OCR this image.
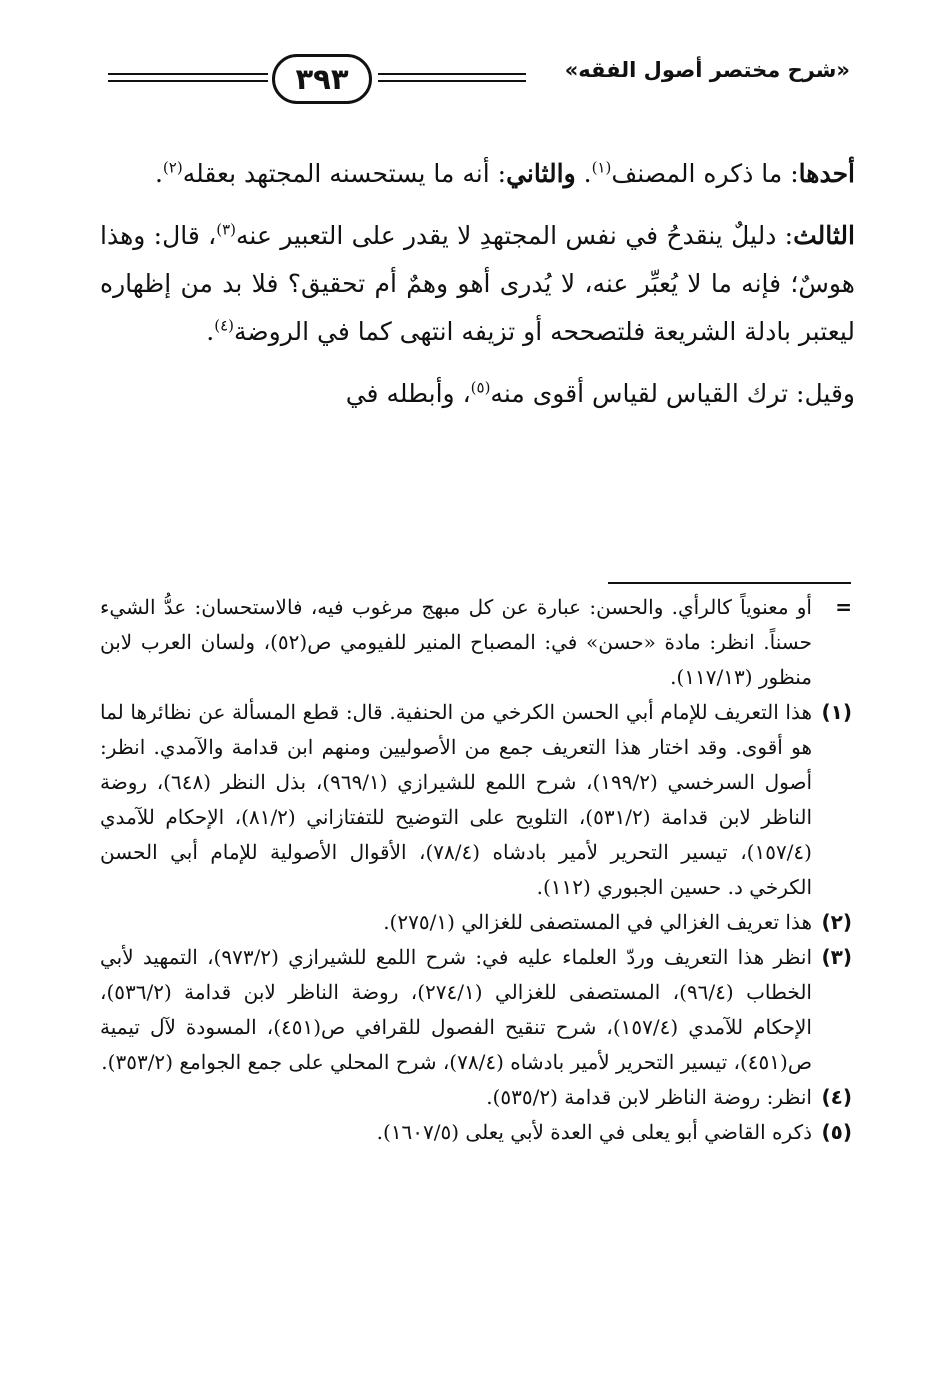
٣٩٣	«شرح مختصر أصول الفقه»

أحدها: ما ذكره المصنف$^{(١)}$. والثاني: أنه ما يستحسنه المجتهد بعقله$^{(٢)}$.

الثالث: دليلٌ ينقدحُ في نفس المجتهدِ لا يقدر على التعبير عنه$^{(٣)}$، قال: وهذا هوسٌ؛ فإنه ما لا يُعبِّر عنه، لا يُدرى أهو وهمٌ أم تحقيق؟ فلا بد من إظهاره ليعتبر بادلة الشريعة فلتصححه أو تزيفه انتهى كما في الروضة$^{(٤)}$.

وقيل: ترك القياس لقياس أقوى منه$^{(٥)}$، وأبطله في

=
أو معنوياً كالرأي. والحسن: عبارة عن كل مبهج مرغوب فيه، فالاستحسان: عدُّ الشيء حسناً. انظر: مادة «حسن» في: المصباح المنير للفيومي ص(٥٢)، ولسان العرب لابن منظور (١١٧/١٣).

(١)
هذا التعريف للإمام أبي الحسن الكرخي من الحنفية. قال: قطع المسألة عن نظائرها لما هو أقوى. وقد اختار هذا التعريف جمع من الأصوليين ومنهم ابن قدامة والآمدي. انظر: أصول السرخسي (١٩٩/٢)، شرح اللمع للشيرازي (٩٦٩/١)، بذل النظر (٦٤٨)، روضة الناظر لابن قدامة (٥٣١/٢)، التلويح على التوضيح للتفتازاني (٨١/٢)، الإحكام للآمدي (١٥٧/٤)، تيسير التحرير لأمير بادشاه (٧٨/٤)، الأقوال الأصولية للإمام أبي الحسن الكرخي د. حسين الجبوري (١١٢).

(٢)
هذا تعريف الغزالي في المستصفى للغزالي (٢٧٥/١).

(٣)
انظر هذا التعريف وردّ العلماء عليه في: شرح اللمع للشيرازي (٩٧٣/٢)، التمهيد لأبي الخطاب (٩٦/٤)، المستصفى للغزالي (٢٧٤/١)، روضة الناظر لابن قدامة (٥٣٦/٢)، الإحكام للآمدي (١٥٧/٤)، شرح تنقيح الفصول للقرافي ص(٤٥١)، المسودة لآل تيمية ص(٤٥١)، تيسير التحرير لأمير بادشاه (٧٨/٤)، شرح المحلي على جمع الجوامع (٣٥٣/٢).

(٤)
انظر: روضة الناظر لابن قدامة (٥٣٥/٢).

(٥)
ذكره القاضي أبو يعلى في العدة لأبي يعلى (١٦٠٧/٥).
